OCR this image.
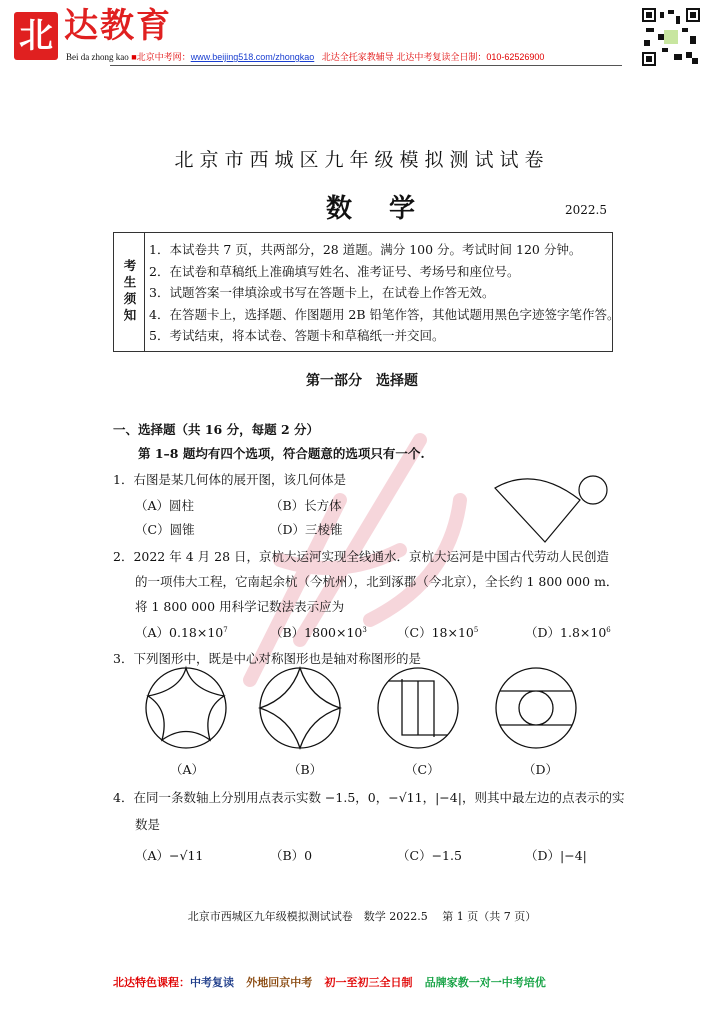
北 达教育
Bei da zhong kao ■北京中考网：www.beijing518.com/zhongkao 北达全托家教辅导 北达中考复读全日制：010-62526900
北京市西城区九年级模拟测试试卷
数 学	2022.5
考生须知
1．本试卷共 7 页，共两部分，28 道题。满分 100 分。考试时间 120 分钟。
2．在试卷和草稿纸上准确填写姓名、准考证号、考场号和座位号。
3．试题答案一律填涂或书写在答题卡上，在试卷上作答无效。
4．在答题卡上，选择题、作图题用 2B 铅笔作答，其他试题用黑色字迹签字笔作答。
5．考试结束，将本试卷、答题卡和草稿纸一并交回。
第一部分　选择题
一、选择题（共 16 分，每题 2 分）
第 1–8 题均有四个选项，符合题意的选项只有一个.
1．右图是某几何体的展开图，该几何体是
（A）圆柱	（B）长方体
（C）圆锥	（D）三棱锥
2．2022 年 4 月 28 日，京杭大运河实现全线通水．京杭大运河是中国古代劳动人民创造
的一项伟大工程，它南起余杭（今杭州），北到涿郡（今北京），全长约 1 800 000 m．
将 1 800 000 用科学记数法表示应为
$(A)0.18\times 10^7$	$(B)1800\times 10^3$ $(C)18\times 10^5$	$(D)1.8\times 10^6$
3．下列图形中，既是中心对称图形也是轴对称图形的是
（A）	（B）	（C）	（D）
4．在同一条数轴上分别用点表示实数 −1.5，0，−√11，|−4|，则其中最左边的点表示的实
数是
（A）−√11	（B）0	（C）−1.5	（D）|−4|
北京市西城区九年级模拟测试试卷　数学 2022.5　 第 1 页（共 7 页）
北达特色课程：中考复读 外地回京中考 初一至初三全日制 品牌家教一对一中考培优
